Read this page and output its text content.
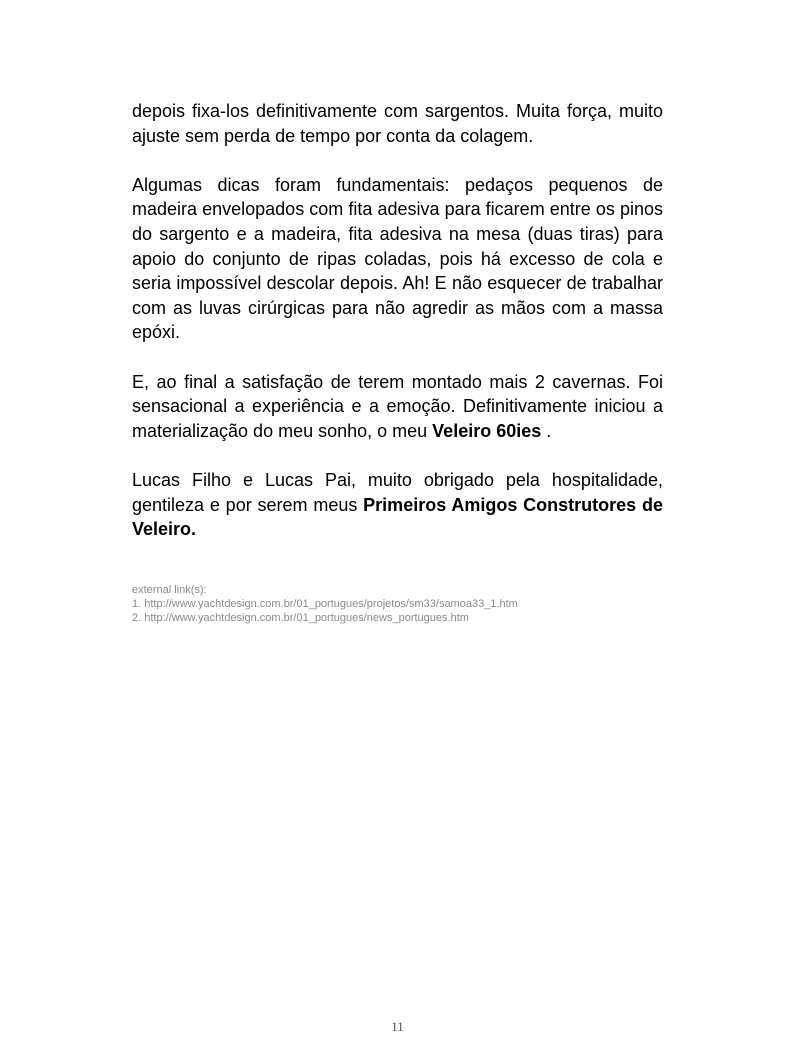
depois fixa-los definitivamente com sargentos. Muita força, muito ajuste sem perda de tempo por conta da colagem.

Algumas dicas foram fundamentais: pedaços pequenos de madeira envelopados com fita adesiva para ficarem entre os pinos do sargento e a madeira, fita adesiva na mesa (duas tiras) para apoio do conjunto de ripas coladas, pois há excesso de cola e seria impossível descolar depois. Ah! E não esquecer de trabalhar com as luvas cirúrgicas para não agredir as mãos com a massa epóxi.

E, ao final a satisfação de terem montado mais 2 cavernas. Foi sensacional a experiência e a emoção. Definitivamente iniciou a materialização do meu sonho, o meu Veleiro 60ies .

Lucas Filho e Lucas Pai, muito obrigado pela hospitalidade, gentileza e por serem meus Primeiros Amigos Construtores de Veleiro.

external link(s):
1. http://www.yachtdesign.com.br/01_portugues/projetos/sm33/samoa33_1.htm
2. http://www.yachtdesign.com.br/01_portugues/news_portugues.htm
11
